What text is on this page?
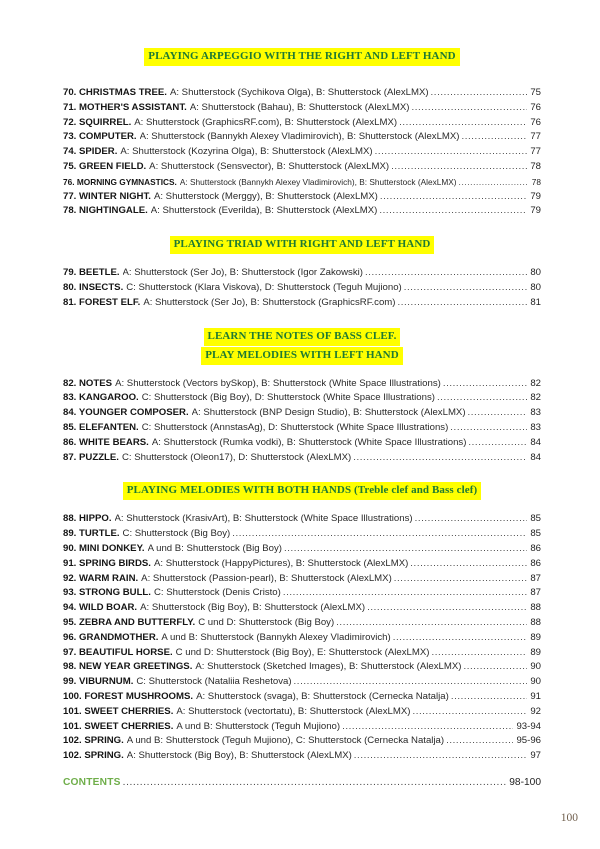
PLAYING ARPEGGIO WITH THE RIGHT AND LEFT HAND
70. CHRISTMAS TREE. A: Shutterstock (Sychikova Olga), B: Shutterstock (AlexLMX) .....	75
71. MOTHER'S ASSISTANT. A: Shutterstock (Bahau), B: Shutterstock (AlexLMX) .....	76
72. SQUIRREL. A: Shutterstock (GraphicsRF.com), B: Shutterstock (AlexLMX) .....	76
73. COMPUTER. A: Shutterstock (Bannykh Alexey Vladimirovich), B: Shutterstock (AlexLMX) .....	77
74. SPIDER. A: Shutterstock (Kozyrina Olga), B: Shutterstock (AlexLMX) .....	77
75. GREEN FIELD. A: Shutterstock (Sensvector), B: Shutterstock (AlexLMX) .....	78
76. MORNING GYMNASTICS. A: Shutterstock (Bannykh Alexey Vladimirovich), B: Shutterstock (AlexLMX) .....	78
77. WINTER NIGHT. A: Shutterstock (Merggy), B: Shutterstock (AlexLMX) .....	79
78. NIGHTINGALE. A: Shutterstock (Everilda), B: Shutterstock (AlexLMX) .....	79
PLAYING TRIAD WITH RIGHT AND LEFT HAND
79. BEETLE. A: Shutterstock (Ser Jo), B: Shutterstock (Igor Zakowski) .....	80
80. INSECTS. C: Shutterstock (Klara Viskova), D: Shutterstock (Teguh Mujiono) .....	80
81. FOREST ELF. A: Shutterstock (Ser Jo), B: Shutterstock (GraphicsRF.com) .....	81
LEARN THE NOTES OF BASS CLEF.
PLAY MELODIES WITH LEFT HAND
82. NOTES A: Shutterstock (Vectors bySkop), B: Shutterstock (White Space Illustrations) .....	82
83. KANGAROO. C: Shutterstock (Big Boy), D: Shutterstock (White Space Illustrations) .....	82
84. YOUNGER COMPOSER. A: Shutterstock (BNP Design Studio), B: Shutterstock (AlexLMX) .....	83
85. ELEFANTEN. C: Shutterstock (AnnstasAg), D: Shutterstock (White Space Illustrations) .....	83
86. WHITE BEARS. A: Shutterstock (Rumka vodki), B: Shutterstock (White Space Illustrations) .....	84
87. PUZZLE. C: Shutterstock (Oleon17), D: Shutterstock (AlexLMX) .....	84
PLAYING MELODIES WITH BOTH HANDS (Treble clef and Bass clef)
88. HIPPO. A: Shutterstock (KrasivArt), B: Shutterstock (White Space Illustrations) .....	85
89. TURTLE. C: Shutterstock (Big Boy) .....	85
90. MINI DONKEY. A und B: Shutterstock (Big Boy) .....	86
91. SPRING BIRDS. A: Shutterstock (HappyPictures), B: Shutterstock (AlexLMX) .....	86
92. WARM RAIN. A: Shutterstock (Passion-pearl), B: Shutterstock (AlexLMX) .....	87
93. STRONG BULL. C: Shutterstock (Denis Cristo) .....	87
94. WILD BOAR. A: Shutterstock (Big Boy), B: Shutterstock (AlexLMX) .....	88
95. ZEBRA AND BUTTERFLY. C und D: Shutterstock (Big Boy) .....	88
96. GRANDMOTHER. A und B: Shutterstock (Bannykh Alexey Vladimirovich) .....	89
97. BEAUTIFUL HORSE. C und D: Shutterstock (Big Boy), E: Shutterstock (AlexLMX) .....	89
98. NEW YEAR GREETINGS. A: Shutterstock (Sketched Images), B: Shutterstock (AlexLMX) .....	90
99. VIBURNUM. C: Shutterstock (Nataliia Reshetova) .....	90
100. FOREST MUSHROOMS. A: Shutterstock (svaga), B: Shutterstock (Cernecka Natalja) .....	91
101. SWEET CHERRIES. A: Shutterstock (vectortatu), B: Shutterstock (AlexLMX) .....	92
101. SWEET CHERRIES. A und B: Shutterstock (Teguh Mujiono) .....	93-94
102. SPRING. A und B: Shutterstock (Teguh Mujiono), C: Shutterstock (Cernecka Natalja) .....	95-96
102. SPRING. A: Shutterstock (Big Boy), B: Shutterstock (AlexLMX) .....	97
CONTENTS .....	98-100
100
